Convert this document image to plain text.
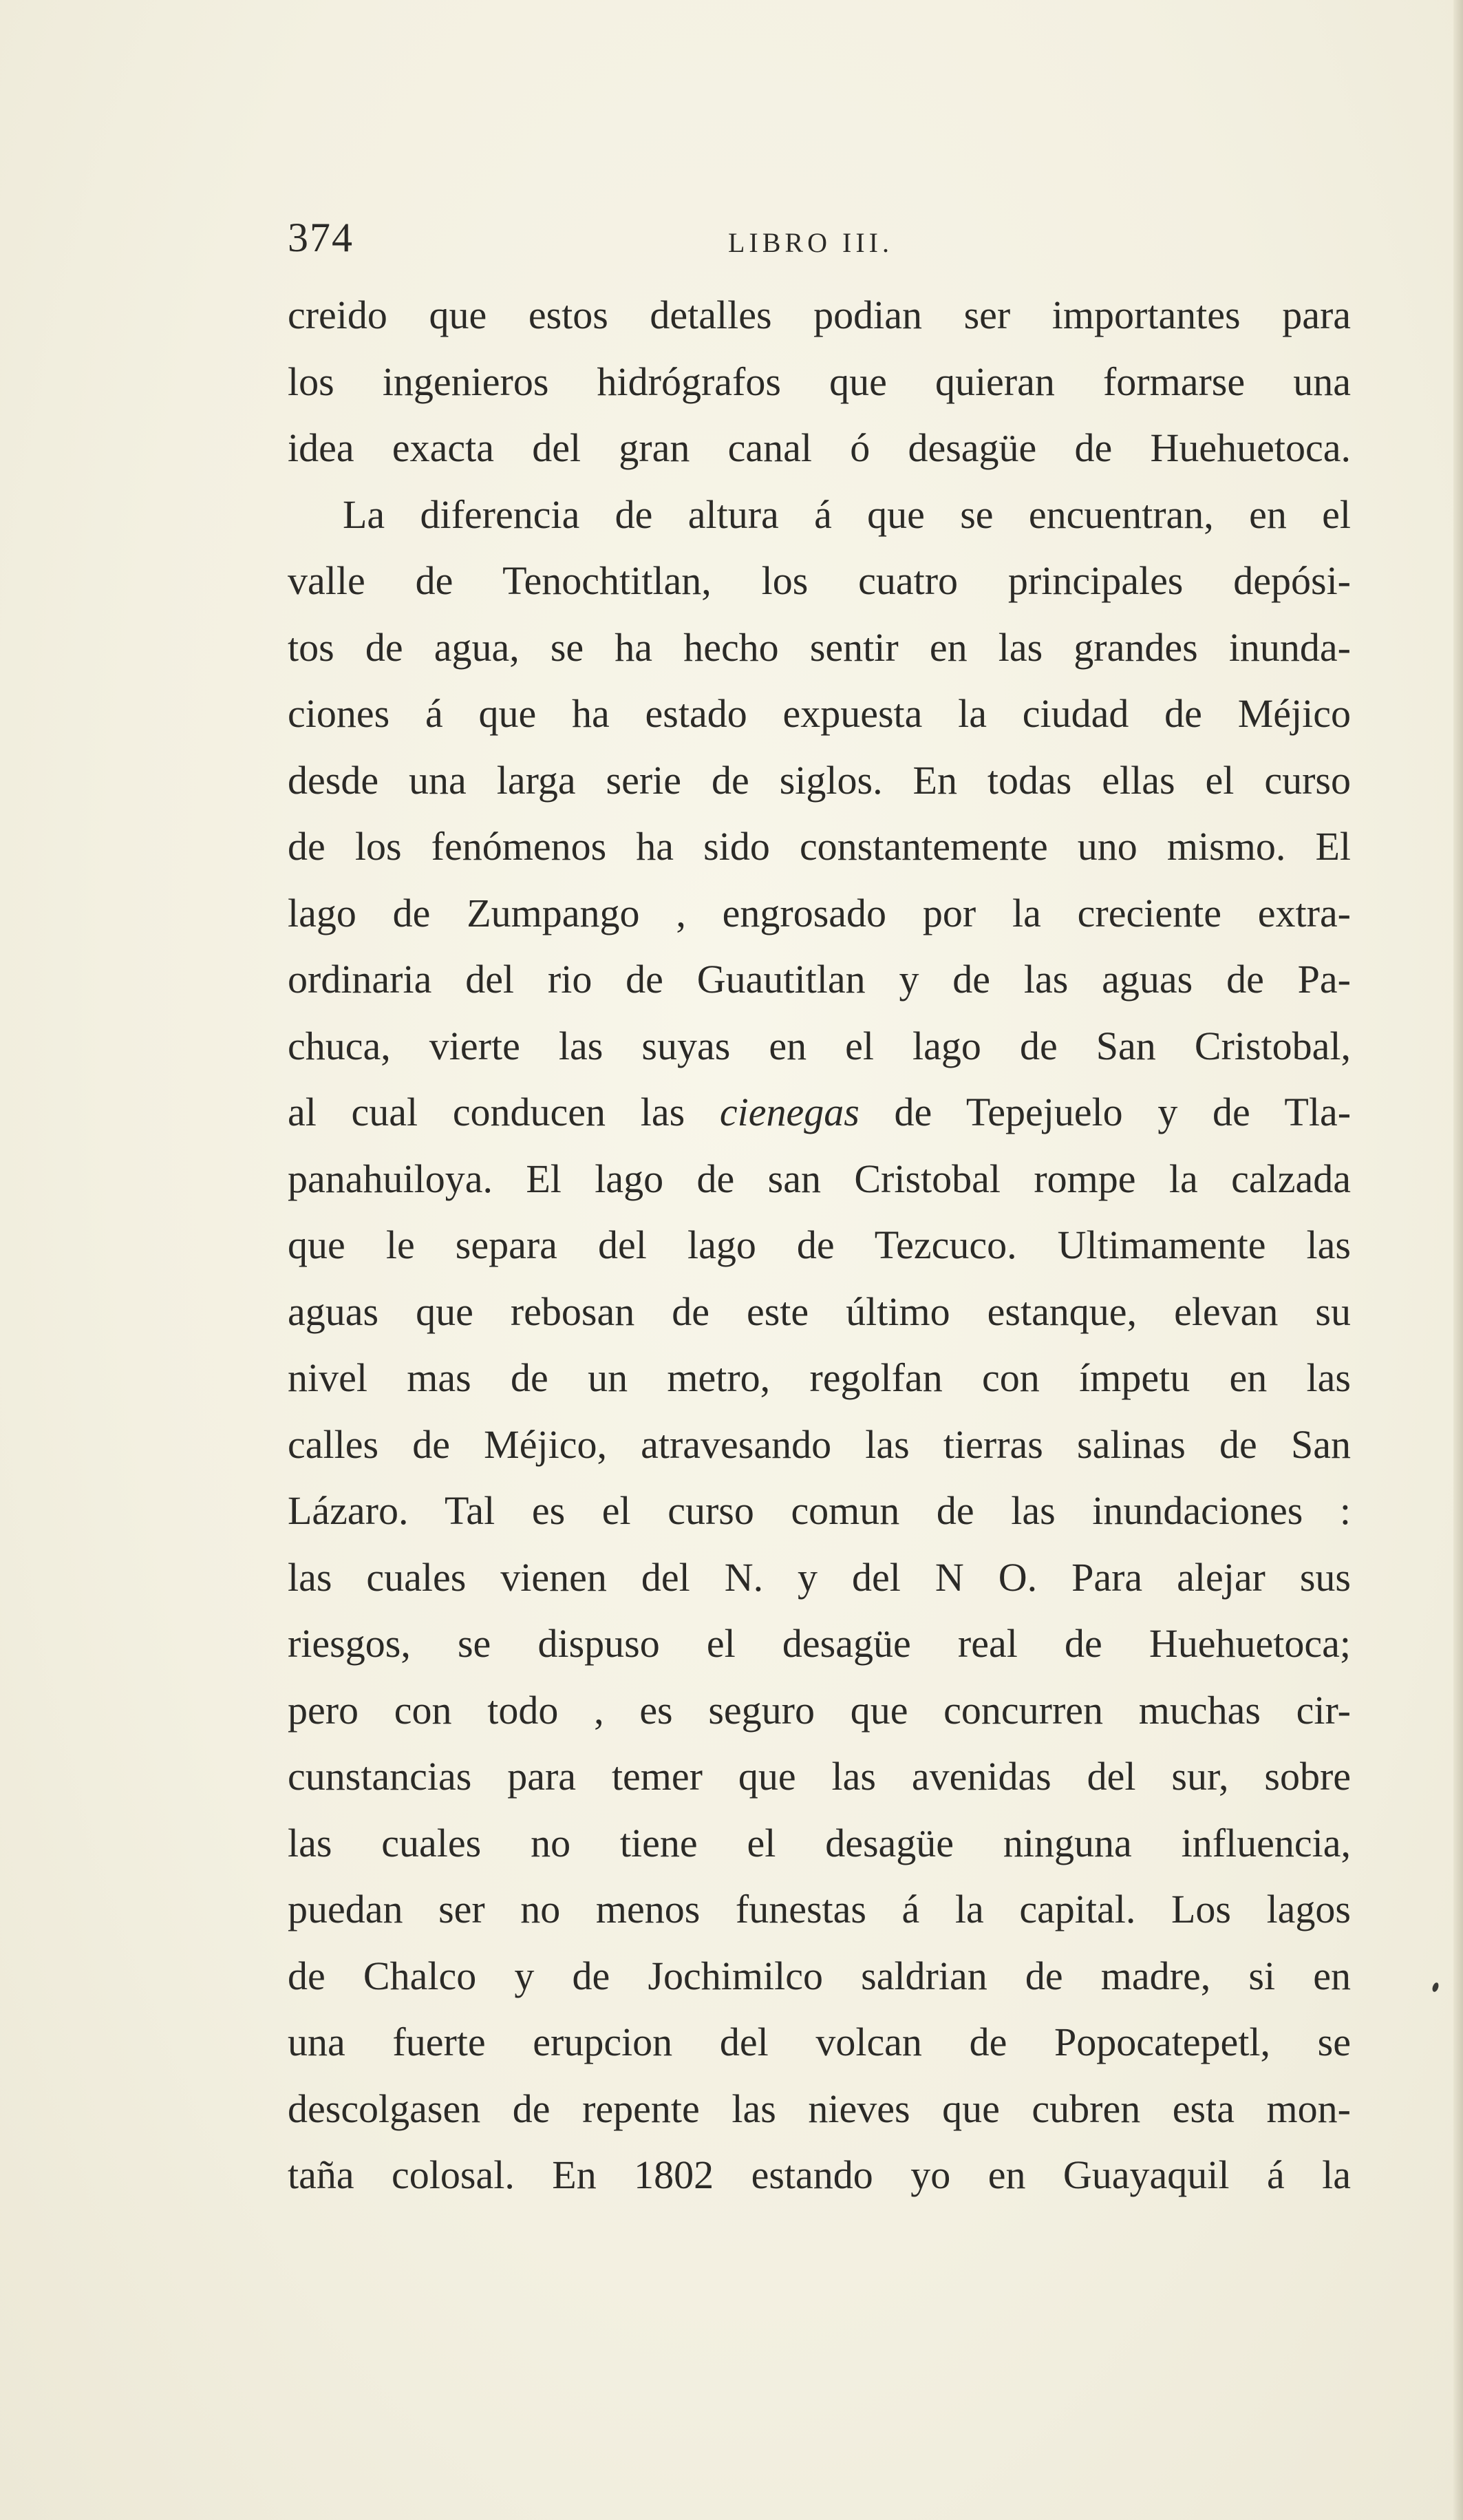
374	LIBRO III.
creido que estos detalles podian ser importantes para
los ingenieros hidrógrafos que quieran formarse una
idea exacta del gran canal ó desagüe de Huehuetoca.
La diferencia de altura á que se encuentran, en el
valle de Tenochtitlan, los cuatro principales depósi-
tos de agua, se ha hecho sentir en las grandes inunda-
ciones á que ha estado expuesta la ciudad de Méjico
desde una larga serie de siglos. En todas ellas el curso
de los fenómenos ha sido constantemente uno mismo. El
lago de Zumpango , engrosado por la creciente extra-
ordinaria del rio de Guautitlan y de las aguas de Pa-
chuca, vierte las suyas en el lago de San Cristobal,
al cual conducen las cienegas de Tepejuelo y de Tla-
panahuiloya. El lago de san Cristobal rompe la calzada
que le separa del lago de Tezcuco. Ultimamente las
aguas que rebosan de este último estanque, elevan su
nivel mas de un metro, regolfan con ímpetu en las
calles de Méjico, atravesando las tierras salinas de San
Lázaro. Tal es el curso comun de las inundaciones :
las cuales vienen del N. y del N O. Para alejar sus
riesgos, se dispuso el desagüe real de Huehuetoca;
pero con todo , es seguro que concurren muchas cir-
cunstancias para temer que las avenidas del sur, sobre
las cuales no tiene el desagüe ninguna influencia,
puedan ser no menos funestas á la capital. Los lagos
de Chalco y de Jochimilco saldrian de madre, si en
una fuerte erupcion del volcan de Popocatepetl, se
descolgasen de repente las nieves que cubren esta mon-
taña colosal. En 1802 estando yo en Guayaquil á la
